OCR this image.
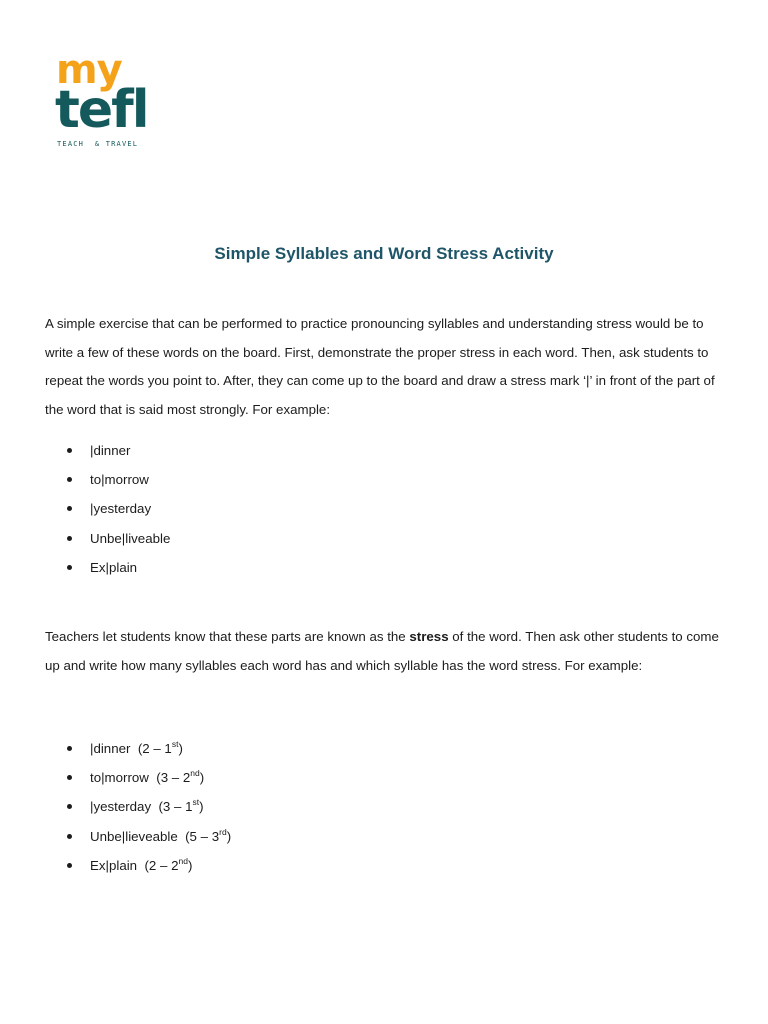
my
tefl
TEACH  & TRAVEL
Simple Syllables and Word Stress Activity

A simple exercise that can be performed to practice pronouncing syllables and understanding stress would be to write a few of these words on the board. First, demonstrate the proper stress in each word. Then, ask students to repeat the words you point to. After, they can come up to the board and draw a stress mark ‘|’ in front of the part of the word that is said most strongly. For example:

|dinner
to|morrow
|yesterday
Unbe|liveable
Ex|plain

Teachers let students know that these parts are known as the stress of the word. Then ask other students to come up and write how many syllables each word has and which syllable has the word stress. For example:

|dinner  (2 – 1st)
to|morrow  (3 – 2nd)
|yesterday  (3 – 1st)
Unbe|lieveable  (5 – 3rd)
Ex|plain  (2 – 2nd)
